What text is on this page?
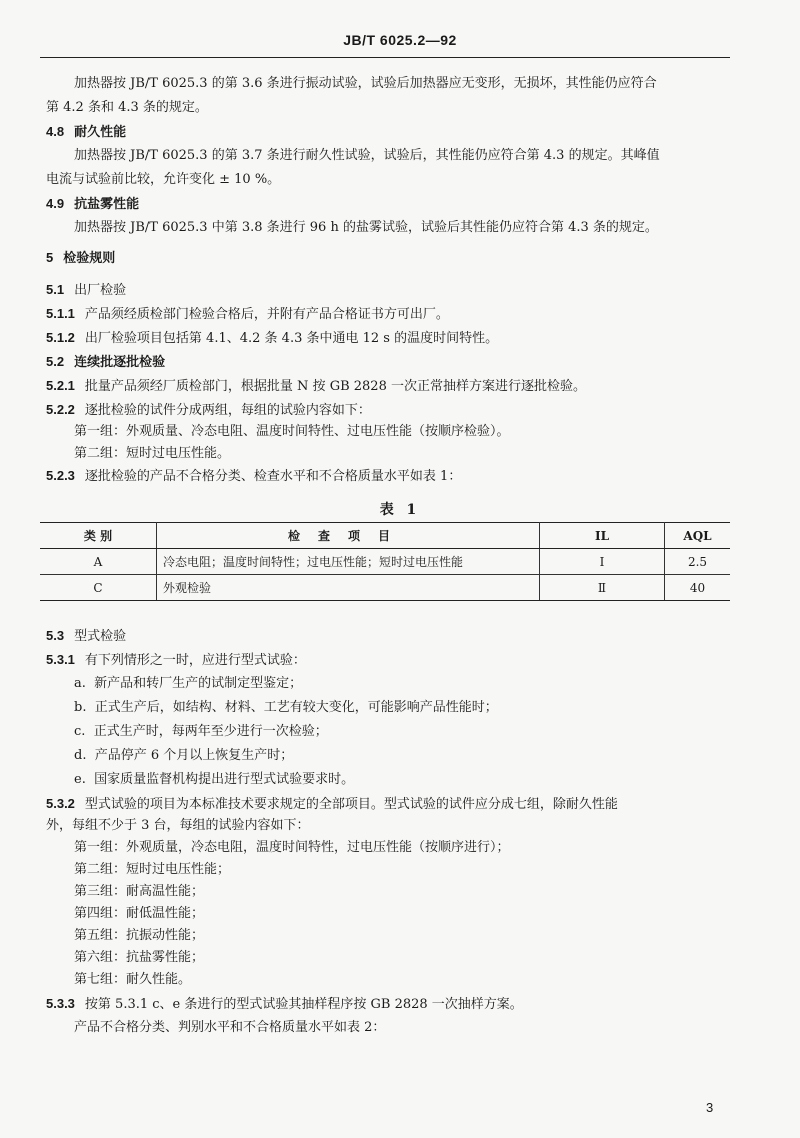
JB/T 6025.2—92
加热器按 JB/T 6025.3 的第 3.6 条进行振动试验，试验后加热器应无变形，无损坏，其性能仍应符合
第 4.2 条和 4.3 条的规定。
4.8 耐久性能
加热器按 JB/T 6025.3 的第 3.7 条进行耐久性试验，试验后，其性能仍应符合第 4.3 的规定。其峰值
电流与试验前比较，允许变化 ± 10 %。
4.9 抗盐雾性能
加热器按 JB/T 6025.3 中第 3.8 条进行 96 h 的盐雾试验，试验后其性能仍应符合第 4.3 条的规定。
5 检验规则
5.1 出厂检验
5.1.1 产品须经质检部门检验合格后，并附有产品合格证书方可出厂。
5.1.2 出厂检验项目包括第 4.1、4.2 条 4.3 条中通电 12 s 的温度时间特性。
5.2 连续批逐批检验
5.2.1 批量产品须经厂质检部门，根据批量 N 按 GB 2828 一次正常抽样方案进行逐批检验。
5.2.2 逐批检验的试件分成两组，每组的试验内容如下：
第一组：外观质量、冷态电阻、温度时间特性、过电压性能（按顺序检验）。
第二组：短时过电压性能。
5.2.3 逐批检验的产品不合格分类、检查水平和不合格质量水平如表 1：
表 1
类 别	检查项目	IL	AQL
A	冷态电阻；温度时间特性；过电压性能；短时过电压性能	Ⅰ	2.5
C	外观检验	Ⅱ	40
5.3 型式检验
5.3.1 有下列情形之一时，应进行型式试验：
a. 新产品和转厂生产的试制定型鉴定；
b. 正式生产后，如结构、材料、工艺有较大变化，可能影响产品性能时；
c. 正式生产时，每两年至少进行一次检验；
d. 产品停产 6 个月以上恢复生产时；
e. 国家质量监督机构提出进行型式试验要求时。
5.3.2 型式试验的项目为本标准技术要求规定的全部项目。型式试验的试件应分成七组，除耐久性能
外，每组不少于 3 台，每组的试验内容如下：
第一组：外观质量，冷态电阻，温度时间特性，过电压性能（按顺序进行）；
第二组：短时过电压性能；
第三组：耐高温性能；
第四组：耐低温性能；
第五组：抗振动性能；
第六组：抗盐雾性能；
第七组：耐久性能。
5.3.3 按第 5.3.1 c、e 条进行的型式试验其抽样程序按 GB 2828 一次抽样方案。
产品不合格分类、判别水平和不合格质量水平如表 2：
3
